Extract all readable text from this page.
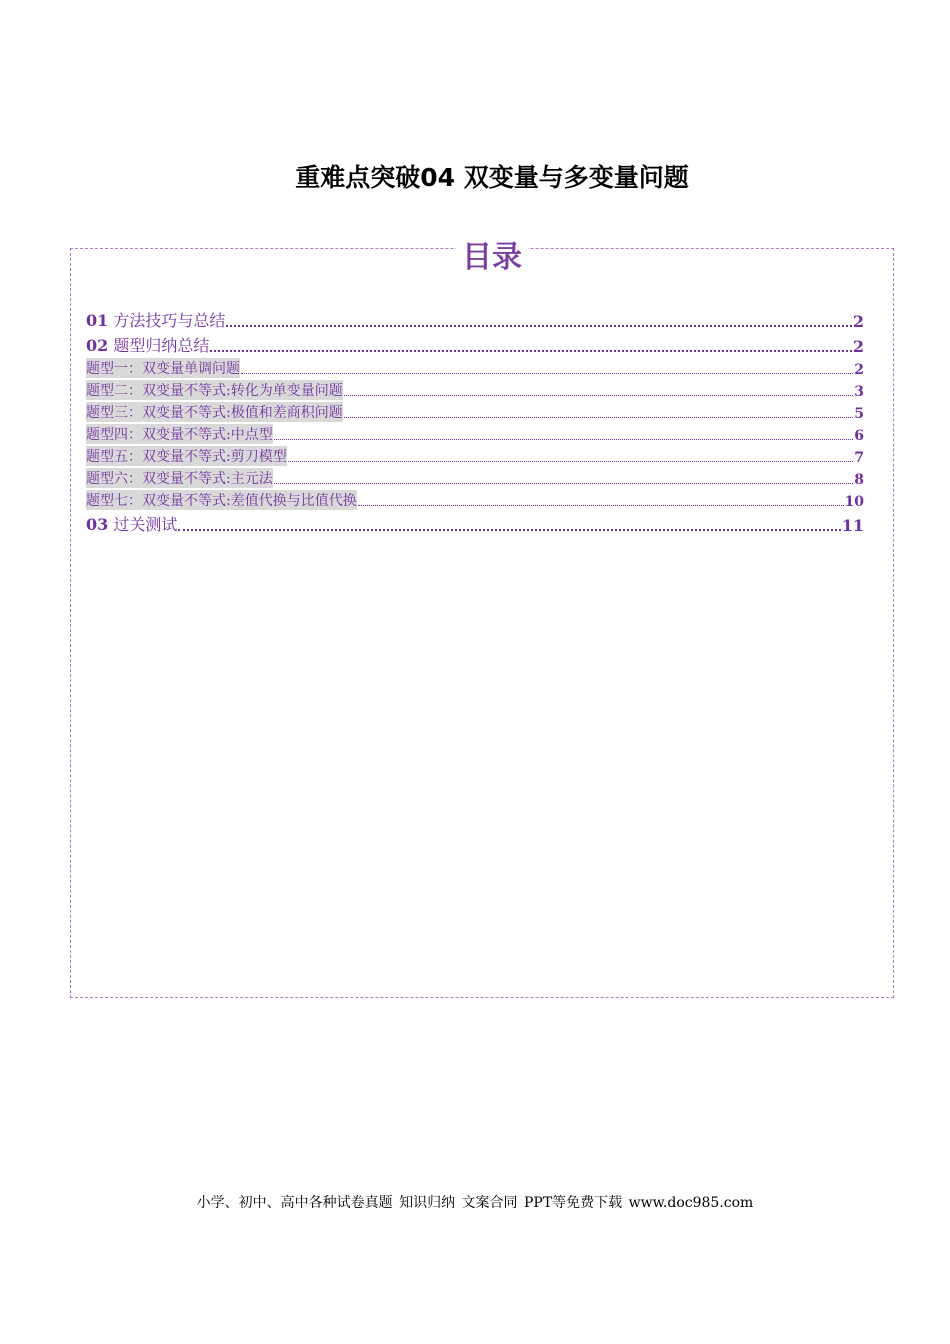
重难点突破04 双变量与多变量问题
目录
01 方法技巧与总结	2
02 题型归纳总结	2
题型一：双变量单调问题	2
题型二：双变量不等式:转化为单变量问题	3
题型三：双变量不等式:极值和差商积问题	5
题型四：双变量不等式:中点型	6
题型五：双变量不等式:剪刀模型	7
题型六：双变量不等式:主元法	8
题型七：双变量不等式:差值代换与比值代换	10
03 过关测试	11
小学、初中、高中各种试卷真题 知识归纳 文案合同 PPT等免费下载 www.doc985.com
